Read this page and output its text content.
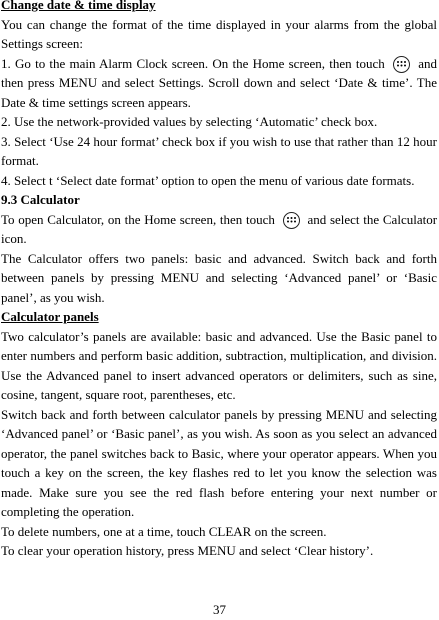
Change date & time display

You can change the format of the time displayed in your alarms from the global Settings screen:

1. Go to the main Alarm Clock screen. On the Home screen, then touch	and then press MENU and select Settings. Scroll down and select ‘Date & time’. The Date & time settings screen appears.

2. Use the network-provided values by selecting ‘Automatic’ check box.

3. Select ‘Use 24 hour format’ check box if you wish to use that rather than 12 hour format.

4. Select t ‘Select date format’ option to open the menu of various date formats.

9.3 Calculator

To open Calculator, on the Home screen, then touch	and select the Calculator icon.

The Calculator offers two panels: basic and advanced. Switch back and forth between panels by pressing MENU and selecting ‘Advanced panel’ or ‘Basic panel’, as you wish.

Calculator panels

Two calculator’s panels are available: basic and advanced. Use the Basic panel to enter numbers and perform basic addition, subtraction, multiplication, and division. Use the Advanced panel to insert advanced operators or delimiters, such as sine, cosine, tangent, square root, parentheses, etc.

Switch back and forth between calculator panels by pressing MENU and selecting ‘Advanced panel’ or ‘Basic panel’, as you wish. As soon as you select an advanced operator, the panel switches back to Basic, where your operator appears. When you touch a key on the screen, the key flashes red to let you know the selection was made. Make sure you see the red flash before entering your next number or completing the operation.

To delete numbers, one at a time, touch CLEAR on the screen.

To clear your operation history, press MENU and select ‘Clear history’.

37
